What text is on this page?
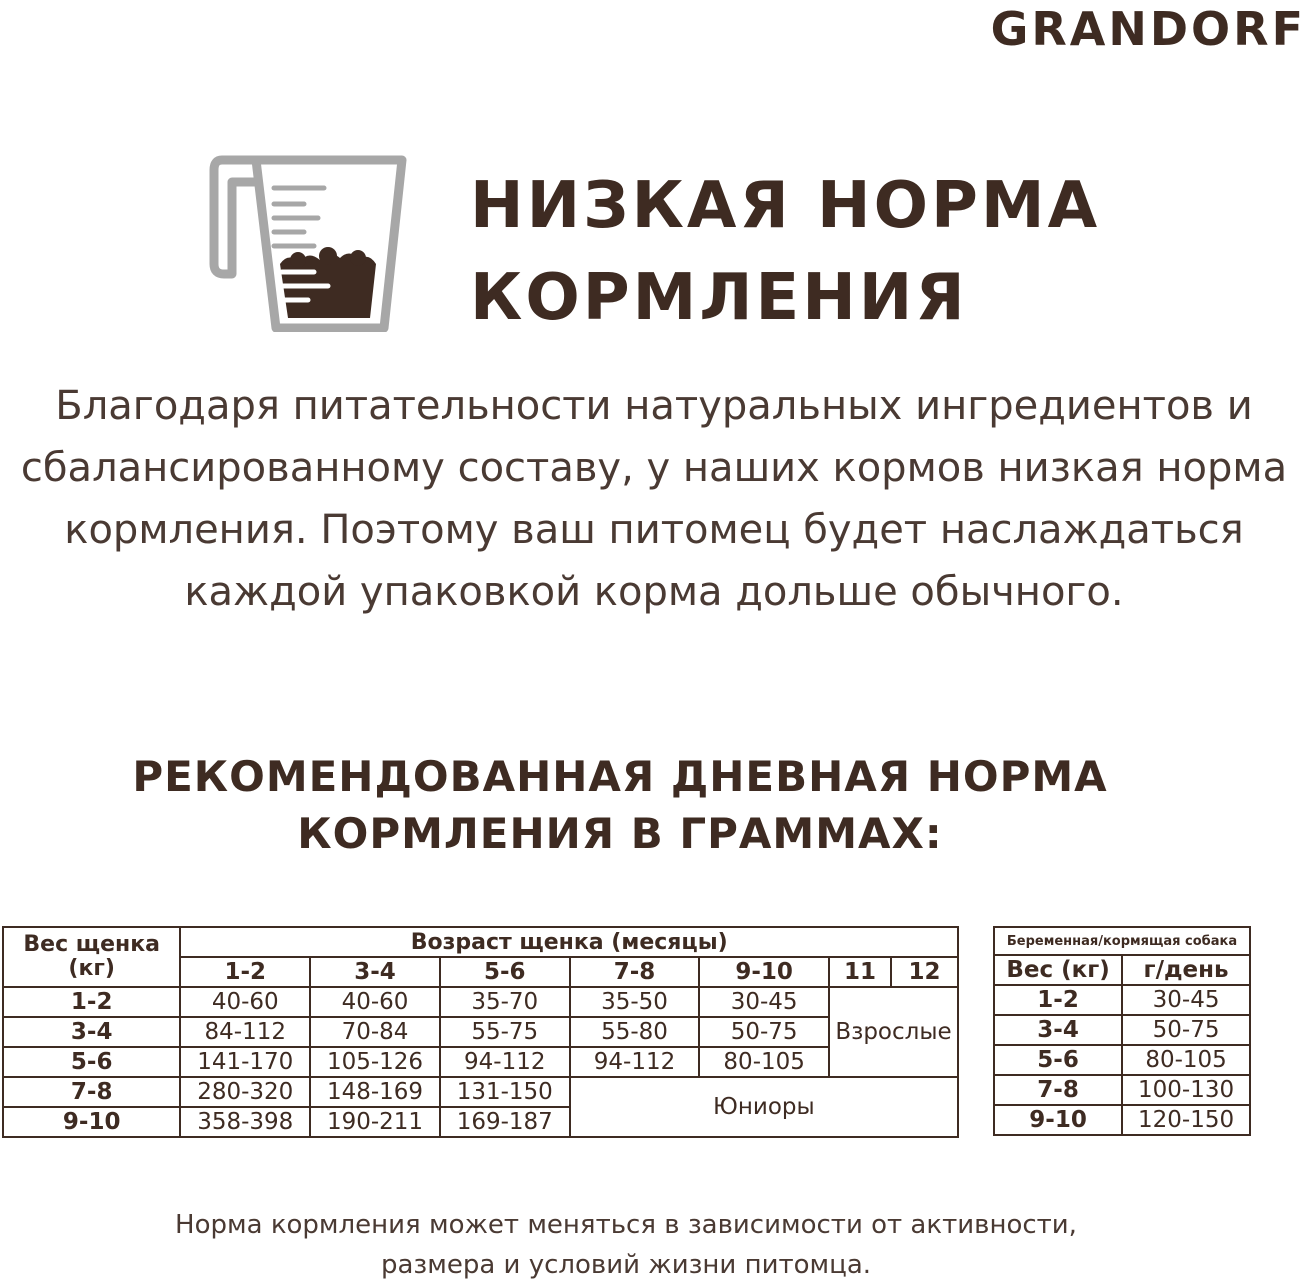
GRANDORF
НИЗКАЯ НОРМА
КОРМЛЕНИЯ
Благодаря питательности натуральных ингредиентов и
сбалансированному составу, у наших кормов низкая норма
кормления. Поэтому ваш питомец будет наслаждаться
каждой упаковкой корма дольше обычного.
РЕКОМЕНДОВАННАЯ ДНЕВНАЯ НОРМА
КОРМЛЕНИЯ В ГРАММАХ:
Вес щенка (кг)	Возраст щенка (месяцы)						
	1-2	3-4	5-6	7-8	9-10	11	12
1-2	40-60	40-60	35-70	35-50	30-45	Взрослые	
3-4	84-112	70-84	55-75	55-80	50-75		
5-6	141-170	105-126	94-112	94-112	80-105		
7-8	280-320	148-169	131-150	Юниоры			
9-10	358-398	190-211	169-187				
Беременная/кормящая собака	
Вес (кг)	г/день
1-2	30-45
3-4	50-75
5-6	80-105
7-8	100-130
9-10	120-150
Норма кормления может меняться в зависимости от активности,
размера и условий жизни питомца.
